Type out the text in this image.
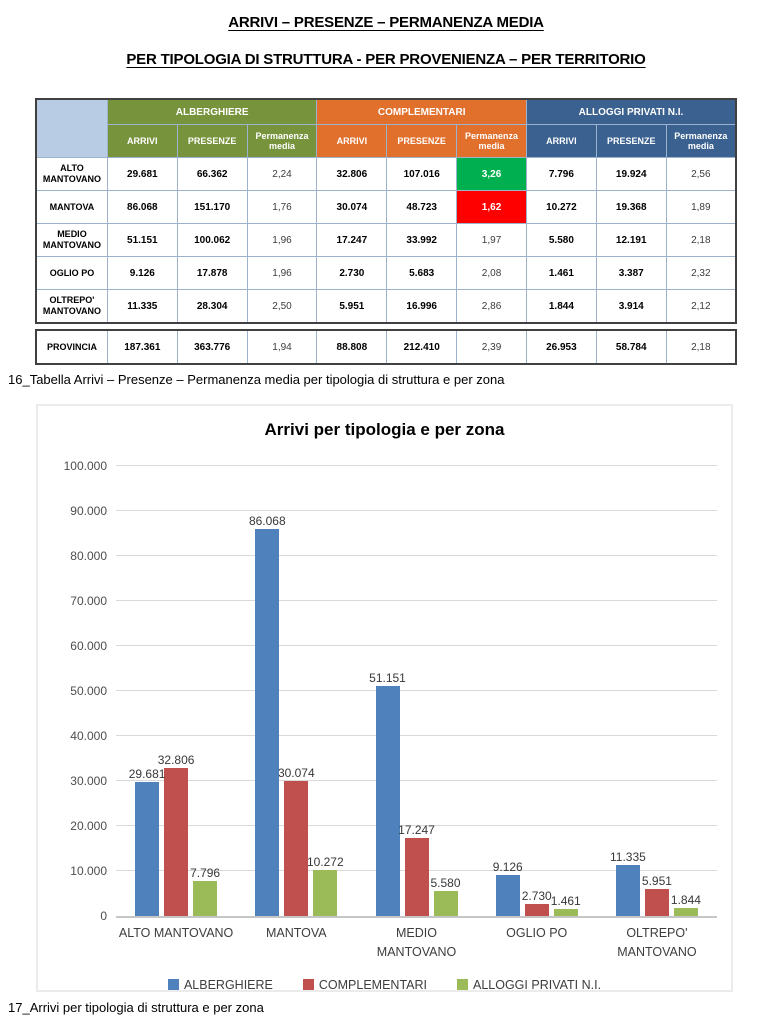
ARRIVI – PRESENZE – PERMANENZA MEDIA
PER TIPOLOGIA DI STRUTTURA - PER PROVENIENZA – PER TERRITORIO
	ALBERGHIERE			COMPLEMENTARI			ALLOGGI PRIVATI N.I.		
	ARRIVI	PRESENZE	Permanenza media	ARRIVI	PRESENZE	Permanenza media	ARRIVI	PRESENZE	Permanenza media
ALTO MANTOVANO	29.681	66.362	2,24	32.806	107.016	3,26	7.796	19.924	2,56
MANTOVA	86.068	151.170	1,76	30.074	48.723	1,62	10.272	19.368	1,89
MEDIO MANTOVANO	51.151	100.062	1,96	17.247	33.992	1,97	5.580	12.191	2,18
OGLIO PO	9.126	17.878	1,96	2.730	5.683	2,08	1.461	3.387	2,32
OLTREPO' MANTOVANO	11.335	28.304	2,50	5.951	16.996	2,86	1.844	3.914	2,12
PROVINCIA	187.361	363.776	1,94	88.808	212.410	2,39	26.953	58.784	2,18
16_Tabella Arrivi – Presenze – Permanenza media per tipologia di struttura e per zona
Arrivi per tipologia e per zona
0
10.000
20.000
30.000
40.000
50.000
60.000
70.000
80.000
90.000
100.000
29.681
32.806
7.796
86.068
30.074
10.272
51.151
17.247
5.580
9.126
2.730
1.461
11.335
5.951
1.844
ALTO MANTOVANO	MANTOVA	MEDIO MANTOVANO
OGLIO PO	OLTREPO' MANTOVANO
ALBERGHIERE	COMPLEMENTARI	ALLOGGI PRIVATI N.I.
17_Arrivi per tipologia di struttura e per zona
